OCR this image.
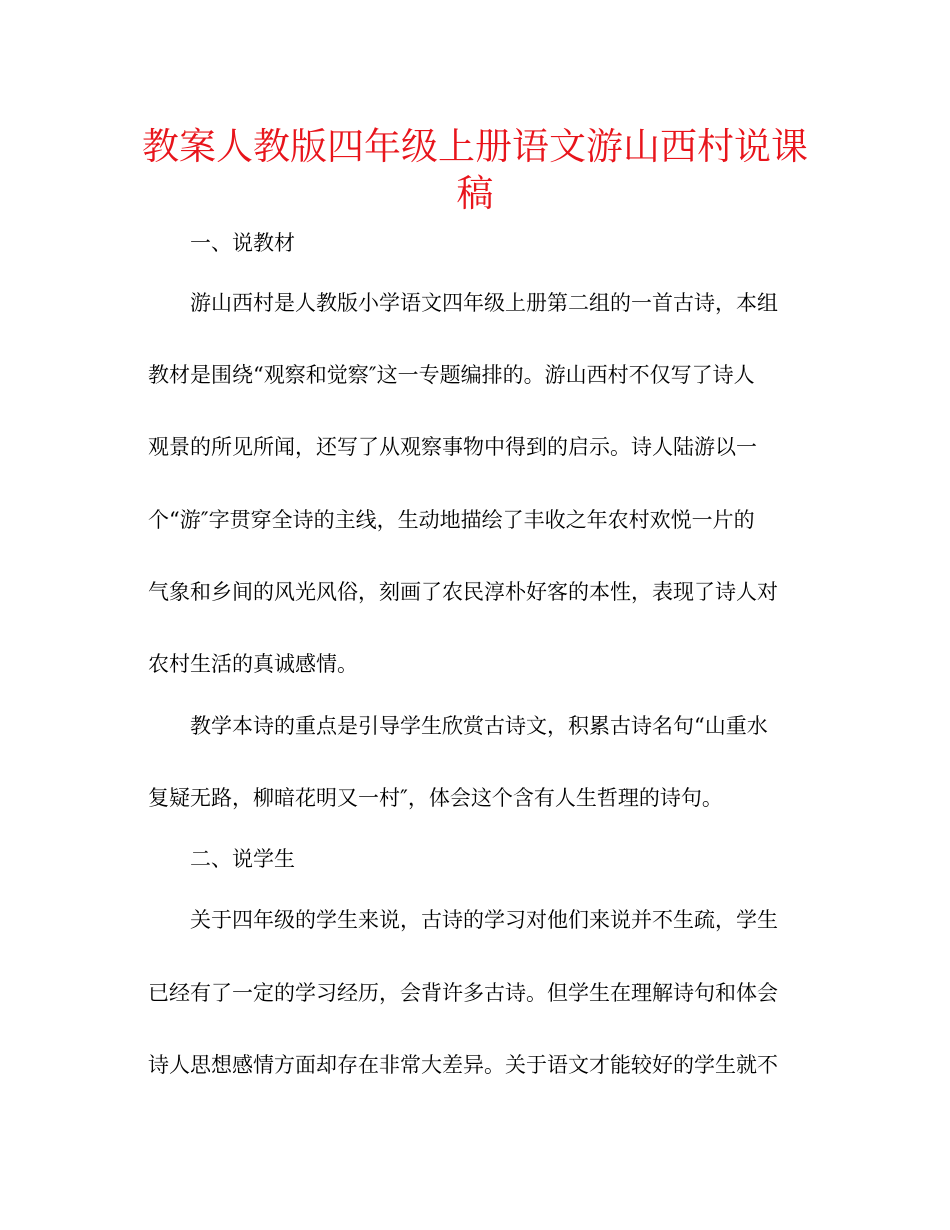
教案人教版四年级上册语文游山西村说课
稿

一、说教材

游山西村是人教版小学语文四年级上册第二组的一首古诗，本组

教材是围绕“观察和觉察″这一专题编排的。游山西村不仅写了诗人

观景的所见所闻，还写了从观察事物中得到的启示。诗人陆游以一

个“游″字贯穿全诗的主线，生动地描绘了丰收之年农村欢悦一片的

气象和乡间的风光风俗，刻画了农民淳朴好客的本性，表现了诗人对

农村生活的真诚感情。

教学本诗的重点是引导学生欣赏古诗文，积累古诗名句“山重水

复疑无路，柳暗花明又一村″，体会这个含有人生哲理的诗句。

二、说学生

关于四年级的学生来说，古诗的学习对他们来说并不生疏，学生

已经有了一定的学习经历，会背许多古诗。但学生在理解诗句和体会

诗人思想感情方面却存在非常大差异。关于语文才能较好的学生就不
